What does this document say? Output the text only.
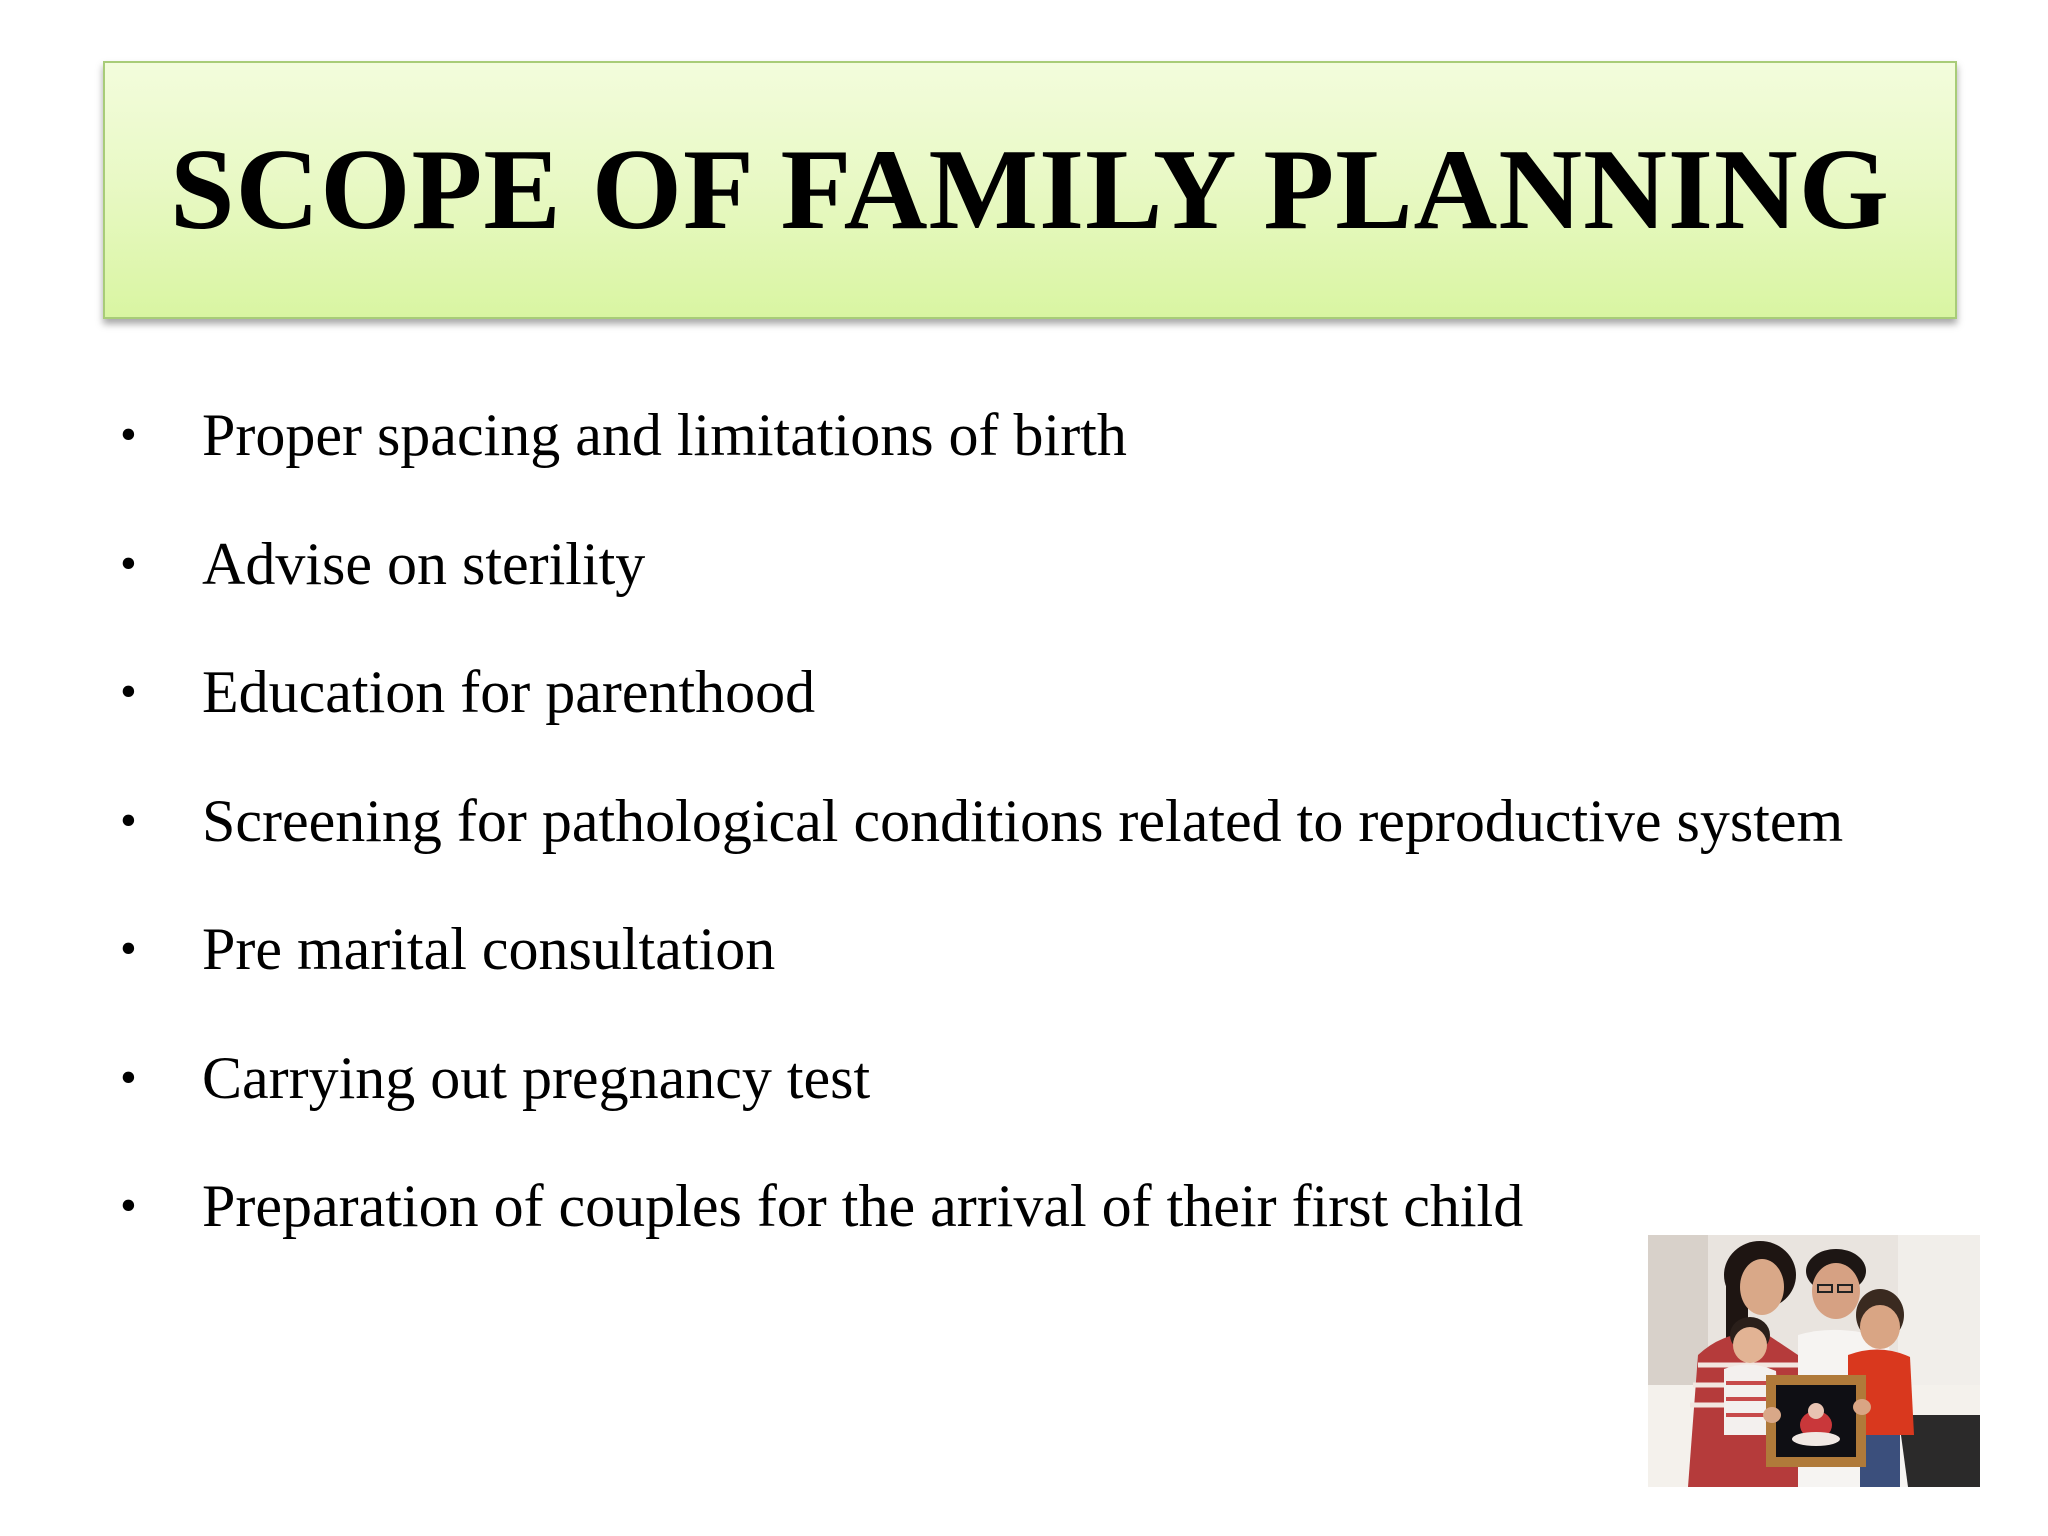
SCOPE OF FAMILY PLANNING
•	Proper spacing and limitations of birth
•	Advise on sterility
•	Education for parenthood
•	Screening for pathological conditions related to reproductive system
•	Pre marital consultation
•	Carrying out pregnancy test
•	Preparation of couples for the arrival of their first child
